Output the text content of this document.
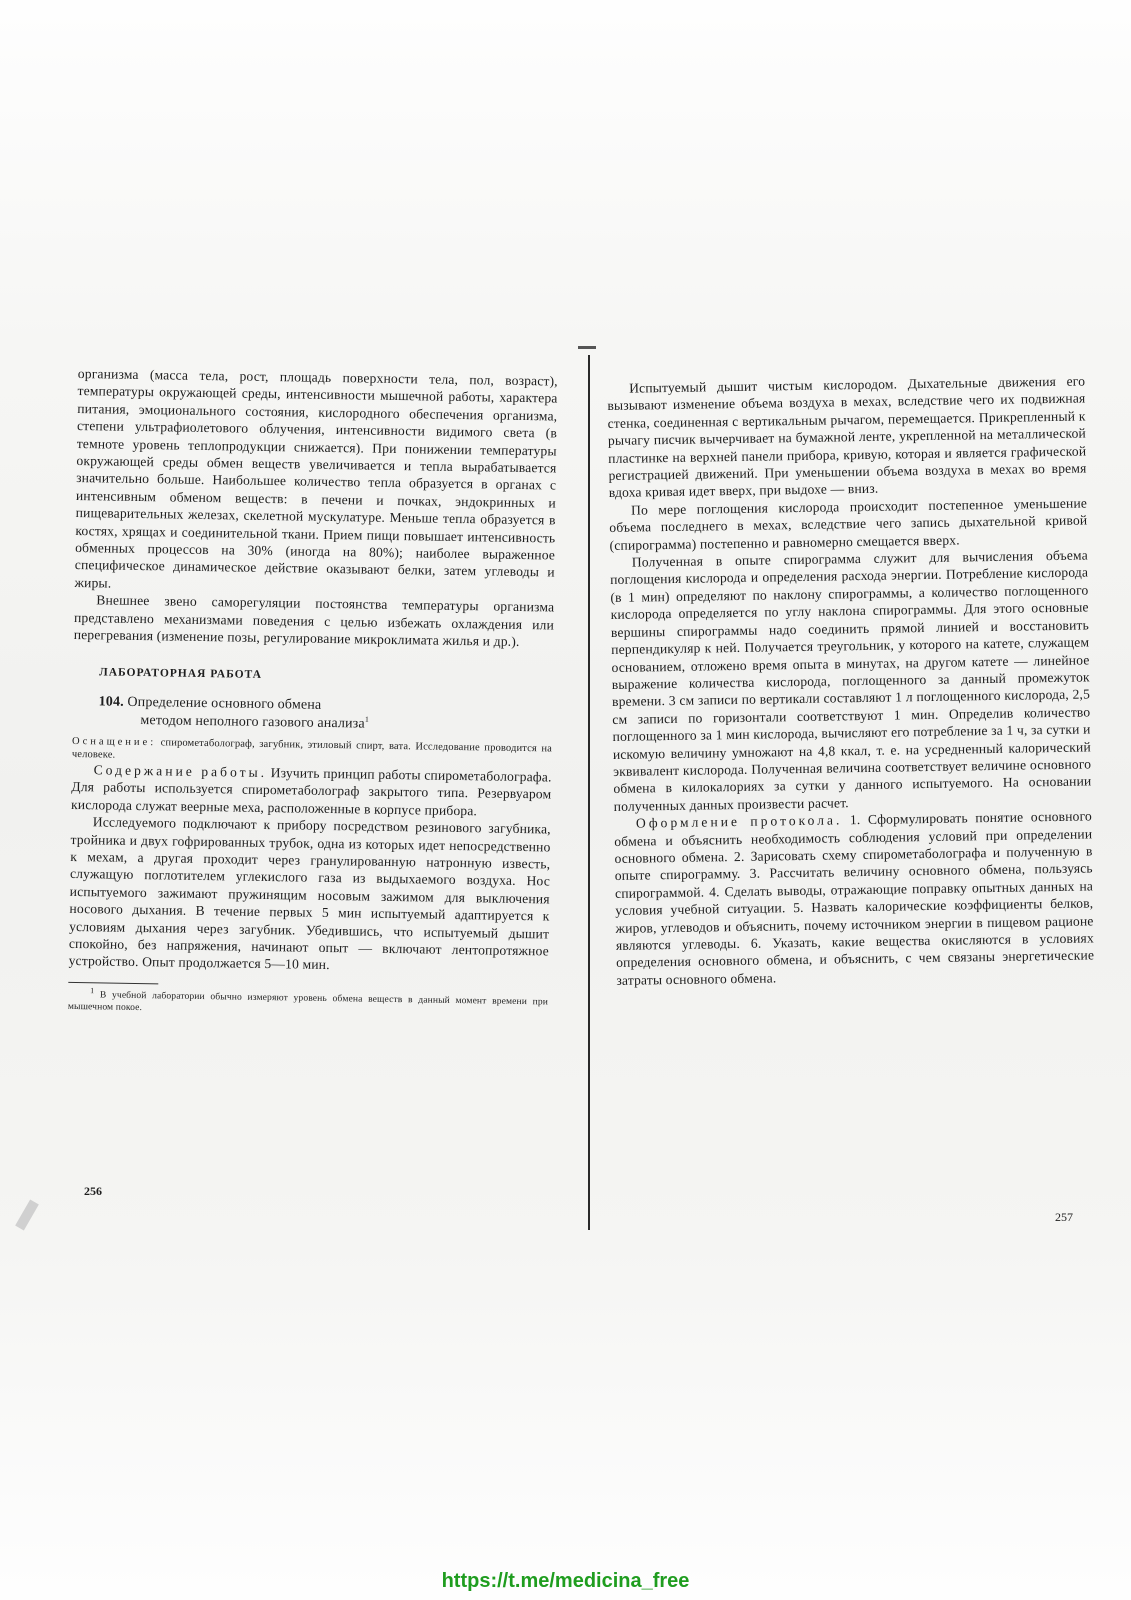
организма (масса тела, рост, площадь поверхности тела, пол, возраст), температуры окружающей среды, интенсивности мышечной работы, характера питания, эмоционального состояния, кислородного обеспечения организма, степени ультрафиолетового облучения, интенсивности видимого света (в темноте уровень теплопродукции снижается). При понижении температуры окружающей среды обмен веществ увеличивается и тепла вырабатывается значительно больше. Наибольшее количество тепла образуется в органах с интенсивным обменом веществ: в печени и почках, эндокринных и пищеварительных железах, скелетной мускулатуре. Меньше тепла образуется в костях, хрящах и соединительной ткани. Прием пищи повышает интенсивность обменных процессов на 30% (иногда на 80%); наиболее выраженное специфическое динамическое действие оказывают белки, затем углеводы и жиры.

Внешнее звено саморегуляции постоянства температуры организма представлено механизмами поведения с целью избежать охлаждения или перегревания (изменение позы, регулирование микроклимата жилья и др.).

ЛАБОРАТОРНАЯ РАБОТА
104. Определение основного обмена
методом неполного газового анализа$^1$

Оснащение: спирометаболограф, загубник, этиловый спирт, вата. Исследование проводится на человеке.

Содержание работы. Изучить принцип работы спирометаболографа. Для работы используется спирометаболограф закрытого типа. Резервуаром кислорода служат веерные меха, расположенные в корпусе прибора.

Исследуемого подключают к прибору посредством резинового загубника, тройника и двух гофрированных трубок, одна из которых идет непосредственно к мехам, а другая проходит через гранулированную натронную известь, служащую поглотителем углекислого газа из выдыхаемого воздуха. Нос испытуемого зажимают пружинящим носовым зажимом для выключения носового дыхания. В течение первых 5 мин испытуемый адаптируется к условиям дыхания через загубник. Убедившись, что испытуемый дышит спокойно, без напряжения, начинают опыт — включают лентопротяжное устройство. Опыт продолжается 5—10 мин.

$^1$ В учебной лаборатории обычно измеряют уровень обмена веществ в данный момент времени при мышечном покое.

256

Испытуемый дышит чистым кислородом. Дыхательные движения его вызывают изменение объема воздуха в мехах, вследствие чего их подвижная стенка, соединенная с вертикальным рычагом, перемещается. Прикрепленный к рычагу писчик вычерчивает на бумажной ленте, укрепленной на металлической пластинке на верхней панели прибора, кривую, которая и является графической регистрацией движений. При уменьшении объема воздуха в мехах во время вдоха кривая идет вверх, при выдохе — вниз.

По мере поглощения кислорода происходит постепенное уменьшение объема последнего в мехах, вследствие чего запись дыхательной кривой (спирограмма) постепенно и равномерно смещается вверх.

Полученная в опыте спирограмма служит для вычисления объема поглощения кислорода и определения расхода энергии. Потребление кислорода (в 1 мин) определяют по наклону спирограммы, а количество поглощенного кислорода определяется по углу наклона спирограммы. Для этого основные вершины спирограммы надо соединить прямой линией и восстановить перпендикуляр к ней. Получается треугольник, у которого на катете, служащем основанием, отложено время опыта в минутах, на другом катете — линейное выражение количества кислорода, поглощенного за данный промежуток времени. 3 см записи по вертикали составляют 1 л поглощенного кислорода, 2,5 см записи по горизонтали соответствуют 1 мин. Определив количество поглощенного за 1 мин кислорода, вычисляют его потребление за 1 ч, за сутки и искомую величину умножают на 4,8 ккал, т. е. на усредненный калорический эквивалент кислорода. Полученная величина соответствует величине основного обмена в килокалориях за сутки у данного испытуемого. На основании полученных данных произвести расчет.

Оформление протокола. 1. Сформулировать понятие основного обмена и объяснить необходимость соблюдения условий при определении основного обмена. 2. Зарисовать схему спирометаболографа и полученную в опыте спирограмму. 3. Рассчитать величину основного обмена, пользуясь спирограммой. 4. Сделать выводы, отражающие поправку опытных данных на условия учебной ситуации. 5. Назвать калорические коэффициенты белков, жиров, углеводов и объяснить, почему источником энергии в пищевом рационе являются углеводы. 6. Указать, какие вещества окисляются в условиях определения основного обмена, и объяснить, с чем связаны энергетические затраты основного обмена.

257
https://t.me/medicina_free
